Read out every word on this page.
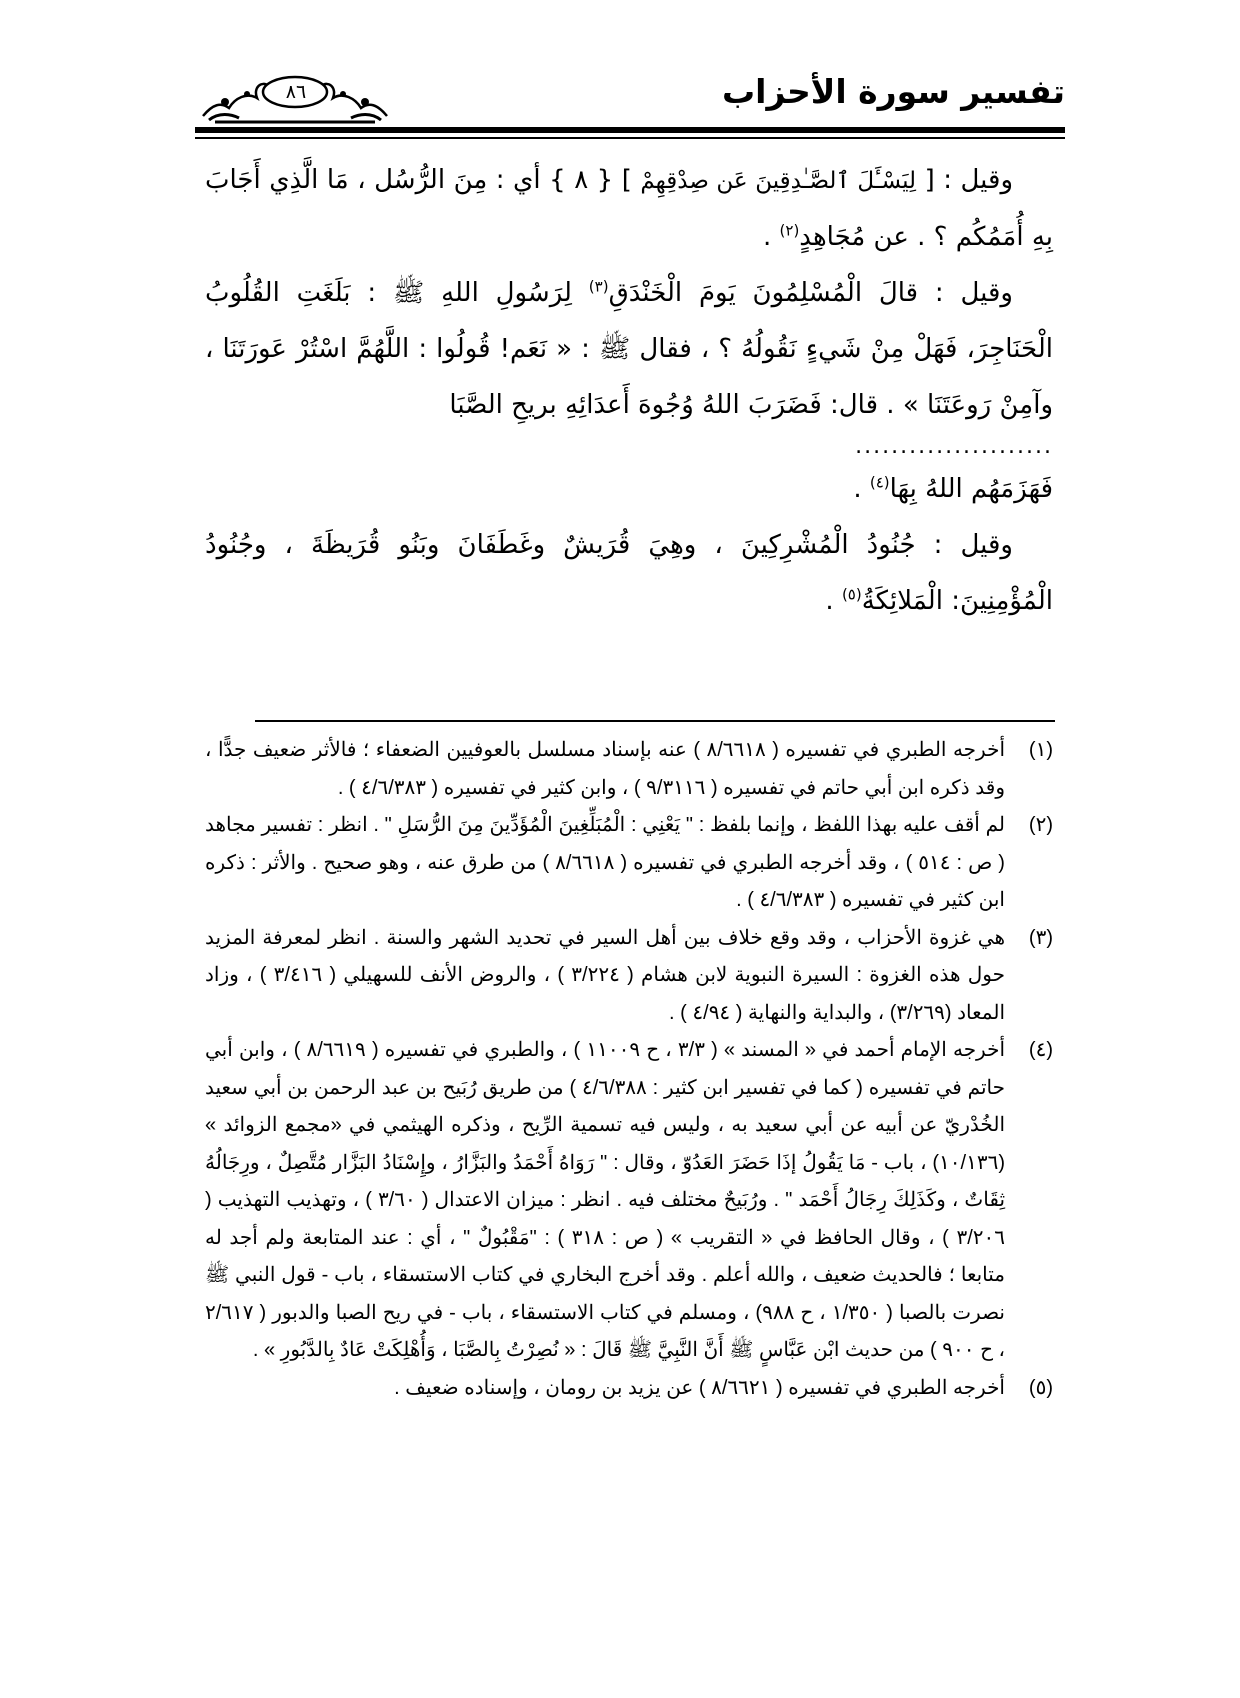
تفسير سورة الأحزاب
٨٦

وقيل : [ لِيَسْـَٔلَ ٱلصَّـٰدِقِينَ عَن صِدْقِهِمْ ] { ٨ } أي : مِنَ الرُّسُل ، مَا الَّذِي أَجَابَ بِهِ أُمَمُكُم ؟ . عن مُجَاهِدٍ$^{(٢)}$ .

وقيل : قالَ الْمُسْلِمُونَ يَومَ الْخَنْدَقِ$^{(٣)}$ لِرَسُولِ اللهِ ﷺ : بَلَغَتِ القُلُوبُ الْحَنَاجِرَ، فَهَلْ مِنْ شَيءٍ نَقُولُهُ ؟ ، فقال ﷺ : « نَعَم! قُولُوا : اللَّهُمَّ اسْتُرْ عَورَتَنَا ، وآمِنْ رَوعَتَنَا » . قال: فَضَرَبَ اللهُ وُجُوهَ أَعدَائِهِ بريحِ الصَّبَا

......................

فَهَزَمَهُم اللهُ بِهَا$^{(٤)}$ .

وقيل : جُنُودُ الْمُشْرِكِينَ ، وهِيَ قُرَيشٌ وغَطَفَانَ وبَنُو قُرَيظَةَ ، وجُنُودُ الْمُؤْمِنِينَ: الْمَلائِكَةُ$^{(٥)}$ .

(١)
أخرجه الطبري في تفسيره ( ٨/٦٦١٨ ) عنه بإسناد مسلسل بالعوفيين الضعفاء ؛ فالأثر ضعيف جدًّا ، وقد ذكره ابن أبي حاتم في تفسيره ( ٩/٣١١٦ ) ، وابن كثير في تفسيره ( ٤/٦/٣٨٣ ) .
(٢)
لم أقف عليه بهذا اللفظ ، وإنما بلفظ : " يَعْنِي : الْمُبَلِّغِينَ الْمُؤَدِّينَ مِنَ الرُّسَلِ " . انظر : تفسير مجاهد ( ص : ٥١٤ ) ، وقد أخرجه الطبري في تفسيره ( ٨/٦٦١٨ ) من طرق عنه ، وهو صحيح . والأثر : ذكره ابن كثير في تفسيره ( ٤/٦/٣٨٣ ) .
(٣)
هي غزوة الأحزاب ، وقد وقع خلاف بين أهل السير في تحديد الشهر والسنة . انظر لمعرفة المزيد حول هذه الغزوة : السيرة النبوية لابن هشام ( ٣/٢٢٤ ) ، والروض الأنف للسهيلي ( ٣/٤١٦ ) ، وزاد المعاد (٣/٢٦٩) ، والبداية والنهاية ( ٤/٩٤ ) .
(٤)
أخرجه الإمام أحمد في « المسند » ( ٣/٣ ، ح ١١٠٠٩ ) ، والطبري في تفسيره ( ٨/٦٦١٩ ) ، وابن أبي حاتم في تفسيره ( كما في تفسير ابن كثير : ٤/٦/٣٨٨ ) من طريق رُبَيح بن عبد الرحمن بن أبي سعيد الخُدْريّ عن أبيه عن أبي سعيد به ، وليس فيه تسمية الرِّيح ، وذكره الهيثمي في «مجمع الزوائد » (١٠/١٣٦) ، باب - مَا يَقُولُ إذَا حَضَرَ العَدُوّ ، وقال : " رَوَاهُ أَحْمَدُ والبَزَّارُ ، وإِسْنَادُ البَزَّار مُتَّصِلٌ ، ورِجَالُهُ ثِقَاتٌ ، وكَذَلِكَ رِجَالُ أَحْمَد " . ورُبَيحٌ مختلف فيه . انظر : ميزان الاعتدال ( ٣/٦٠ ) ، وتهذيب التهذيب ( ٣/٢٠٦ ) ، وقال الحافظ في « التقريب » ( ص : ٣١٨ ) : "مَقْبُولٌ " ، أي : عند المتابعة ولم أجد له متابعا ؛ فالحديث ضعيف ، والله أعلم . وقد أخرج البخاري في كتاب الاستسقاء ، باب - قول النبي ﷺ نصرت بالصبا ( ١/٣٥٠ ، ح ٩٨٨) ، ومسلم في كتاب الاستسقاء ، باب - في ريح الصبا والدبور ( ٢/٦١٧ ، ح ٩٠٠ ) من حديث ابْن عَبَّاسٍ ﷺ أَنَّ النَّبِيَّ ﷺ قَالَ : « نُصِرْتُ بِالصَّبَا ، وَأُهْلِكَتْ عَادٌ بِالدَّبُورِ » .
(٥)
أخرجه الطبري في تفسيره ( ٨/٦٦٢١ ) عن يزيد بن رومان ، وإسناده ضعيف .
